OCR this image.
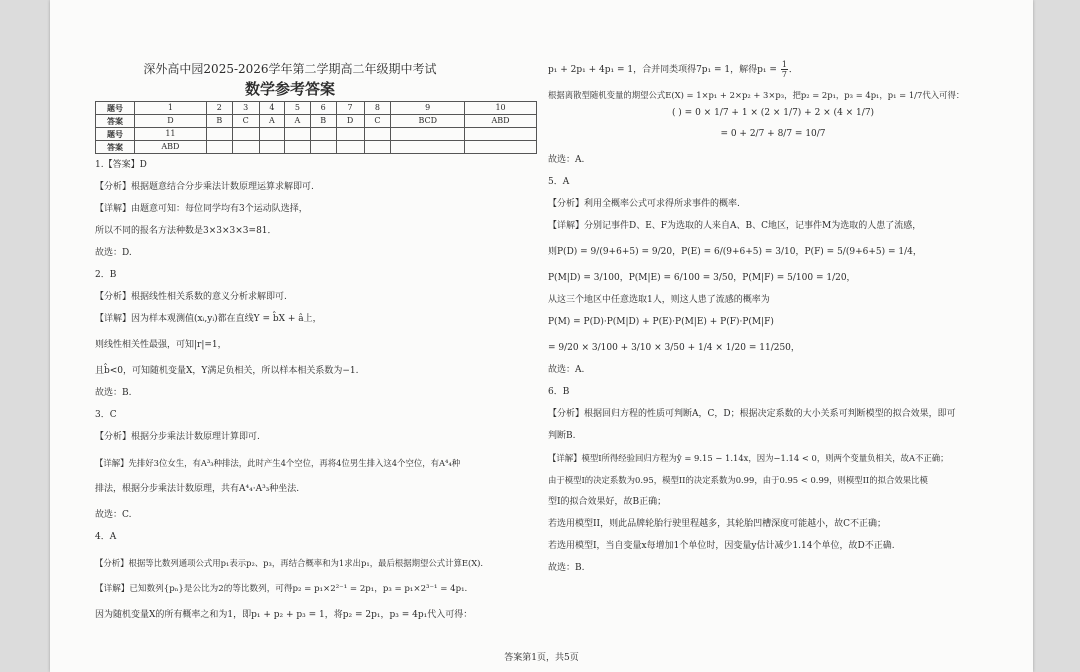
深外高中园2025-2026学年第二学期高二年级期中考试
数学参考答案
题号	1	2	3	4	5	6	7	8	9	10
答案	D	B	C	A	A	B	D	C	BCD	ABD
题号	11									
答案	ABD									

1.【答案】D

【分析】根据题意结合分步乘法计数原理运算求解即可.

【详解】由题意可知：每位同学均有3个运动队选择，

所以不同的报名方法种数是3×3×3×3=81．

故选：D.

2．B

【分析】根据线性相关系数的意义分析求解即可.

【详解】因为样本观测值(xᵢ,yᵢ)都在直线Y = b̂X + â上，

则线性相关性最强，可知|r|=1，

且b̂<0，可知随机变量X，Y满足负相关，所以样本相关系数为−1.

故选：B.

3．C

【分析】根据分步乘法计数原理计算即可.

【详解】先排好3位女生，有A³₃种排法，此时产生4个空位，再将4位男生排入这4个空位，有A⁴₄种

排法，根据分步乘法计数原理，共有A⁴₄·A³₃种坐法.

故选：C.

4．A

【分析】根据等比数列通项公式用p₁表示p₂、p₃，再结合概率和为1求出p₁，最后根据期望公式计算E(X).

【详解】已知数列{pₙ}是公比为2的等比数列，可得p₂ = p₁×2²⁻¹ = 2p₁，p₃ = p₁×2³⁻¹ = 4p₁.

因为随机变量X的所有概率之和为1，即p₁ + p₂ + p₃ = 1，将p₂ = 2p₁，p₃ = 4p₁代入可得：

p₁ + 2p₁ + 4p₁ = 1，合并同类项得7p₁ = 1，解得$p_1 = \frac{1}{7}$ ．

根据离散型随机变量的期望公式E(X) = 1×p₁ + 2×p₂ + 3×p₃，把p₂ = 2p₁，p₃ = 4p₁，p₁ = 1/7代入可得：

( ) = 0 × 1/7 + 1 × (2 × 1/7) + 2 × (4 × 1/7)

= 0 + 2/7 + 8/7 = 10/7

故选：A.

5．A

【分析】利用全概率公式可求得所求事件的概率.

【详解】分别记事件D、E、F为选取的人来自A、B、C地区，记事件M为选取的人患了流感，

则P(D) = 9/(9+6+5) = 9/20，P(E) = 6/(9+6+5) = 3/10，P(F) = 5/(9+6+5) = 1/4，

P(M|D) = 3/100，P(M|E) = 6/100 = 3/50，P(M|F) = 5/100 = 1/20，

从这三个地区中任意选取1人，则这人患了流感的概率为

P(M) = P(D)·P(M|D) + P(E)·P(M|E) + P(F)·P(M|F)

= 9/20 × 3/100 + 3/10 × 3/50 + 1/4 × 1/20 = 11/250，

故选：A.

6．B

【分析】根据回归方程的性质可判断A，C，D；根据决定系数的大小关系可判断模型的拟合效果，即可

判断B.

【详解】模型I所得经验回归方程为ŷ = 9.15 − 1.14x，因为−1.14 < 0，则两个变量负相关，故A不正确；

由于模型I的决定系数为0.95，模型II的决定系数为0.99，由于0.95 < 0.99，则模型II的拟合效果比模

型I的拟合效果好，故B正确；

若选用模型II，则此品牌轮胎行驶里程越多，其轮胎凹槽深度可能越小，故C不正确；

若选用模型I，当自变量x每增加1个单位时，因变量y估计减少1.14个单位，故D不正确.

故选：B.

答案第1页，共5页
